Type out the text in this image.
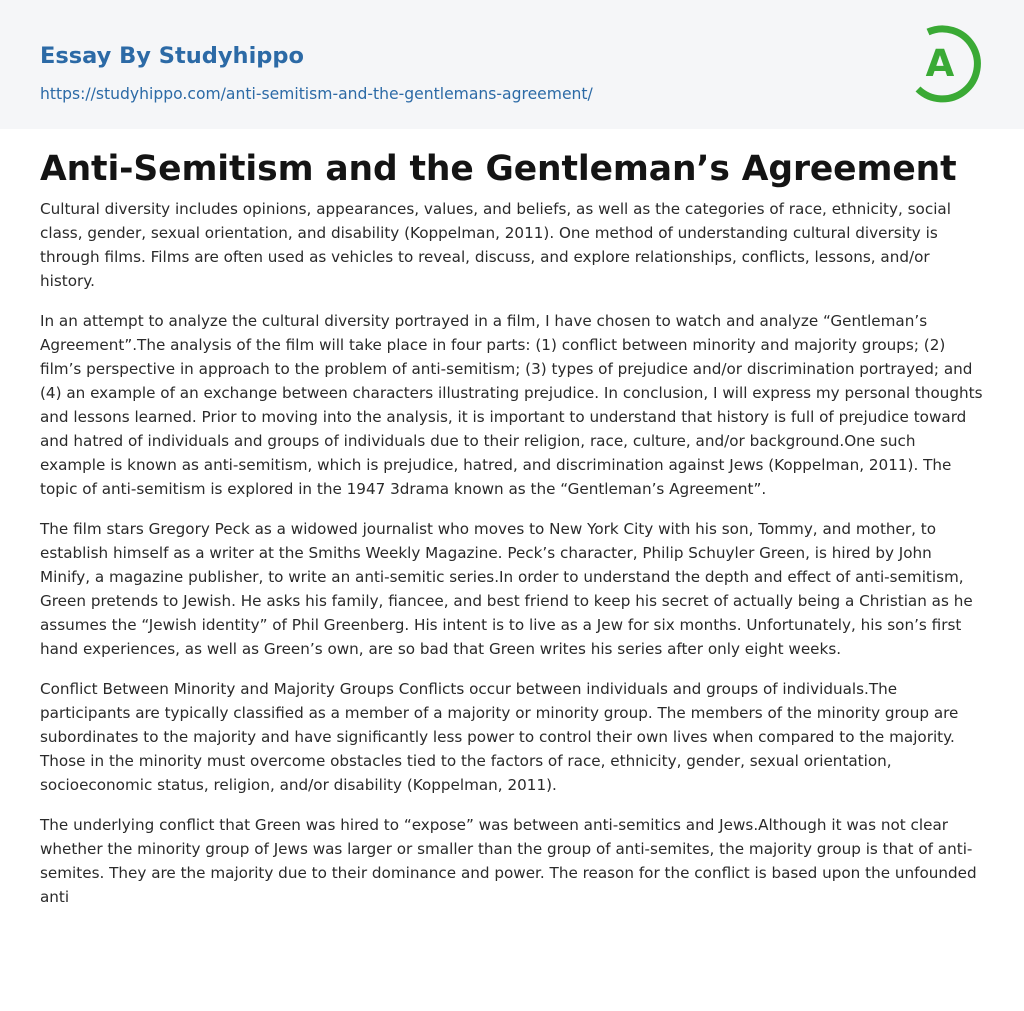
Essay By Studyhippo
https://studyhippo.com/anti-semitism-and-the-gentlemans-agreement/
A
Anti-Semitism and the Gentleman’s Agreement

Cultural diversity includes opinions, appearances, values, and beliefs, as well as the categories of race, ethnicity, social class, gender, sexual orientation, and disability (Koppelman, 2011). One method of understanding cultural diversity is through films. Films are often used as vehicles to reveal, discuss, and explore relationships, conflicts, lessons, and/or history.

In an attempt to analyze the cultural diversity portrayed in a film, I have chosen to watch and analyze “Gentleman’s Agreement”.The analysis of the film will take place in four parts: (1) conflict between minority and majority groups; (2) film’s perspective in approach to the problem of anti-semitism; (3) types of prejudice and/or discrimination portrayed; and (4) an example of an exchange between characters illustrating prejudice. In conclusion, I will express my personal thoughts and lessons learned. Prior to moving into the analysis, it is important to understand that history is full of prejudice toward and hatred of individuals and groups of individuals due to their religion, race, culture, and/or background.One such example is known as anti-semitism, which is prejudice, hatred, and discrimination against Jews (Koppelman, 2011). The topic of anti-semitism is explored in the 1947 3drama known as the “Gentleman’s Agreement”.

The film stars Gregory Peck as a widowed journalist who moves to New York City with his son, Tommy, and mother, to establish himself as a writer at the Smiths Weekly Magazine. Peck’s character, Philip Schuyler Green, is hired by John Minify, a magazine publisher, to write an anti-semitic series.In order to understand the depth and effect of anti-semitism, Green pretends to Jewish. He asks his family, fiancee, and best friend to keep his secret of actually being a Christian as he assumes the “Jewish identity” of Phil Greenberg. His intent is to live as a Jew for six months. Unfortunately, his son’s first hand experiences, as well as Green’s own, are so bad that Green writes his series after only eight weeks.

Conflict Between Minority and Majority Groups Conflicts occur between individuals and groups of individuals.The participants are typically classified as a member of a majority or minority group. The members of the minority group are subordinates to the majority and have significantly less power to control their own lives when compared to the majority. Those in the minority must overcome obstacles tied to the factors of race, ethnicity, gender, sexual orientation, socioeconomic status, religion, and/or disability (Koppelman, 2011).

The underlying conflict that Green was hired to “expose” was between anti-semitics and Jews.Although it was not clear whether the minority group of Jews was larger or smaller than the group of anti-semites, the majority group is that of anti-semites. They are the majority due to their dominance and power. The reason for the conflict is based upon the unfounded anti
